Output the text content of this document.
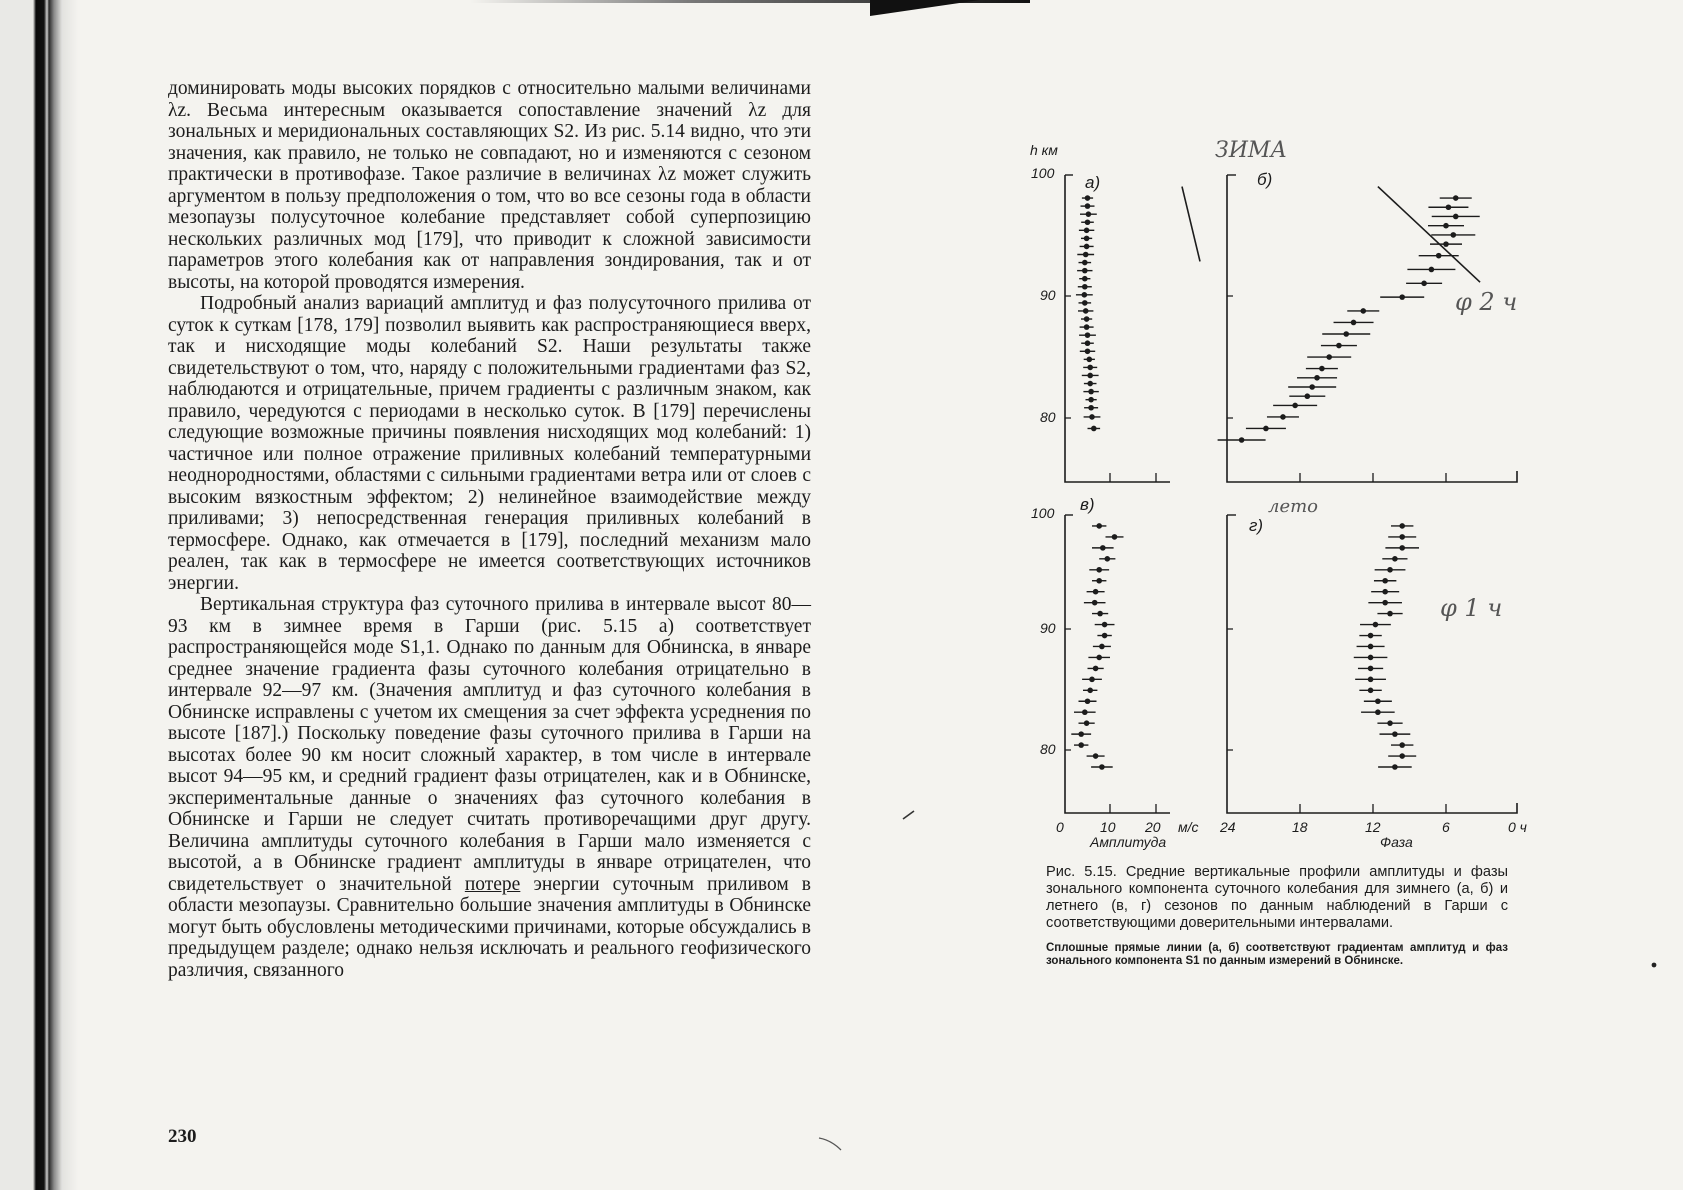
доминировать моды высоких порядков с относительно малыми величинами λz. Весьма интересным оказывается сопоставление значений λz для зональных и меридиональных составляющих S2. Из рис. 5.14 видно, что эти значения, как правило, не только не совпадают, но и изменяются с сезоном практически в противофазе. Такое различие в величинах λz может служить аргументом в пользу предположения о том, что во все сезоны года в области мезопаузы полусуточное колебание представляет собой суперпозицию нескольких различных мод [179], что приводит к сложной зависимости параметров этого колебания как от направления зондирования, так и от высоты, на которой проводятся измерения.

Подробный анализ вариаций амплитуд и фаз полусуточного прилива от суток к суткам [178, 179] позволил выявить как распространяющиеся вверх, так и нисходящие моды колебаний S2. Наши результаты также свидетельствуют о том, что, наряду с положительными градиентами фаз S2, наблюдаются и отрицательные, причем градиенты с различным знаком, как правило, чередуются с периодами в несколько суток. В [179] перечислены следующие возможные причины появления нисходящих мод колебаний: 1) частичное или полное отражение приливных колебаний температурными неоднородностями, областями с сильными градиентами ветра или от слоев с высоким вязкостным эффектом; 2) нелинейное взаимодействие между приливами; 3) непосредственная генерация приливных колебаний в термосфере. Однако, как отмечается в [179], последний механизм мало реален, так как в термосфере не имеется соответствующих источников энергии.

Вертикальная структура фаз суточного прилива в интервале высот 80—93 км в зимнее время в Гарши (рис. 5.15 а) соответствует распространяющейся моде S1,1. Однако по данным для Обнинска, в январе среднее значение градиента фазы суточного колебания отрицательно в интервале 92—97 км. (Значения амплитуд и фаз суточного колебания в Обнинске исправлены с учетом их смещения за счет эффекта усреднения по высоте [187].) Поскольку поведение фазы суточного прилива в Гарши на высотах более 90 км носит сложный характер, в том числе в интервале высот 94—95 км, и средний градиент фазы отрицателен, как и в Обнинске, экспериментальные данные о значениях фаз суточного колебания в Обнинске и Гарши не следует считать противоречащими друг другу. Величина амплитуды суточного колебания в Гарши мало изменяется с высотой, а в Обнинске градиент амплитуды в январе отрицателен, что свидетельствует о значительной потере энергии суточным приливом в области мезопаузы. Сравнительно большие значения амплитуды в Обнинске могут быть обусловлены методическими причинами, которые обсуждались в предыдущем разделе; однако нельзя исключать и реального геофизического различия, связанного

230
h км
100
90
80
100
90
80
а)	б)
в)
г)
0	10 20 м/с
Амплитуда
24	18	12	6	0 ч
Фаза
ЗИМА
φ 2 ч
лето
φ 1 ч

Рис. 5.15. Средние вертикальные профили амплитуды и фазы зонального компонента суточного колебания для зимнего (а, б) и летнего (в, г) сезонов по данным наблюдений в Гарши с соответствующими доверительными интервалами.

Сплошные прямые линии (а, б) соответствуют градиентам амплитуд и фаз зонального компонента S1 по данным измерений в Обнинске.
